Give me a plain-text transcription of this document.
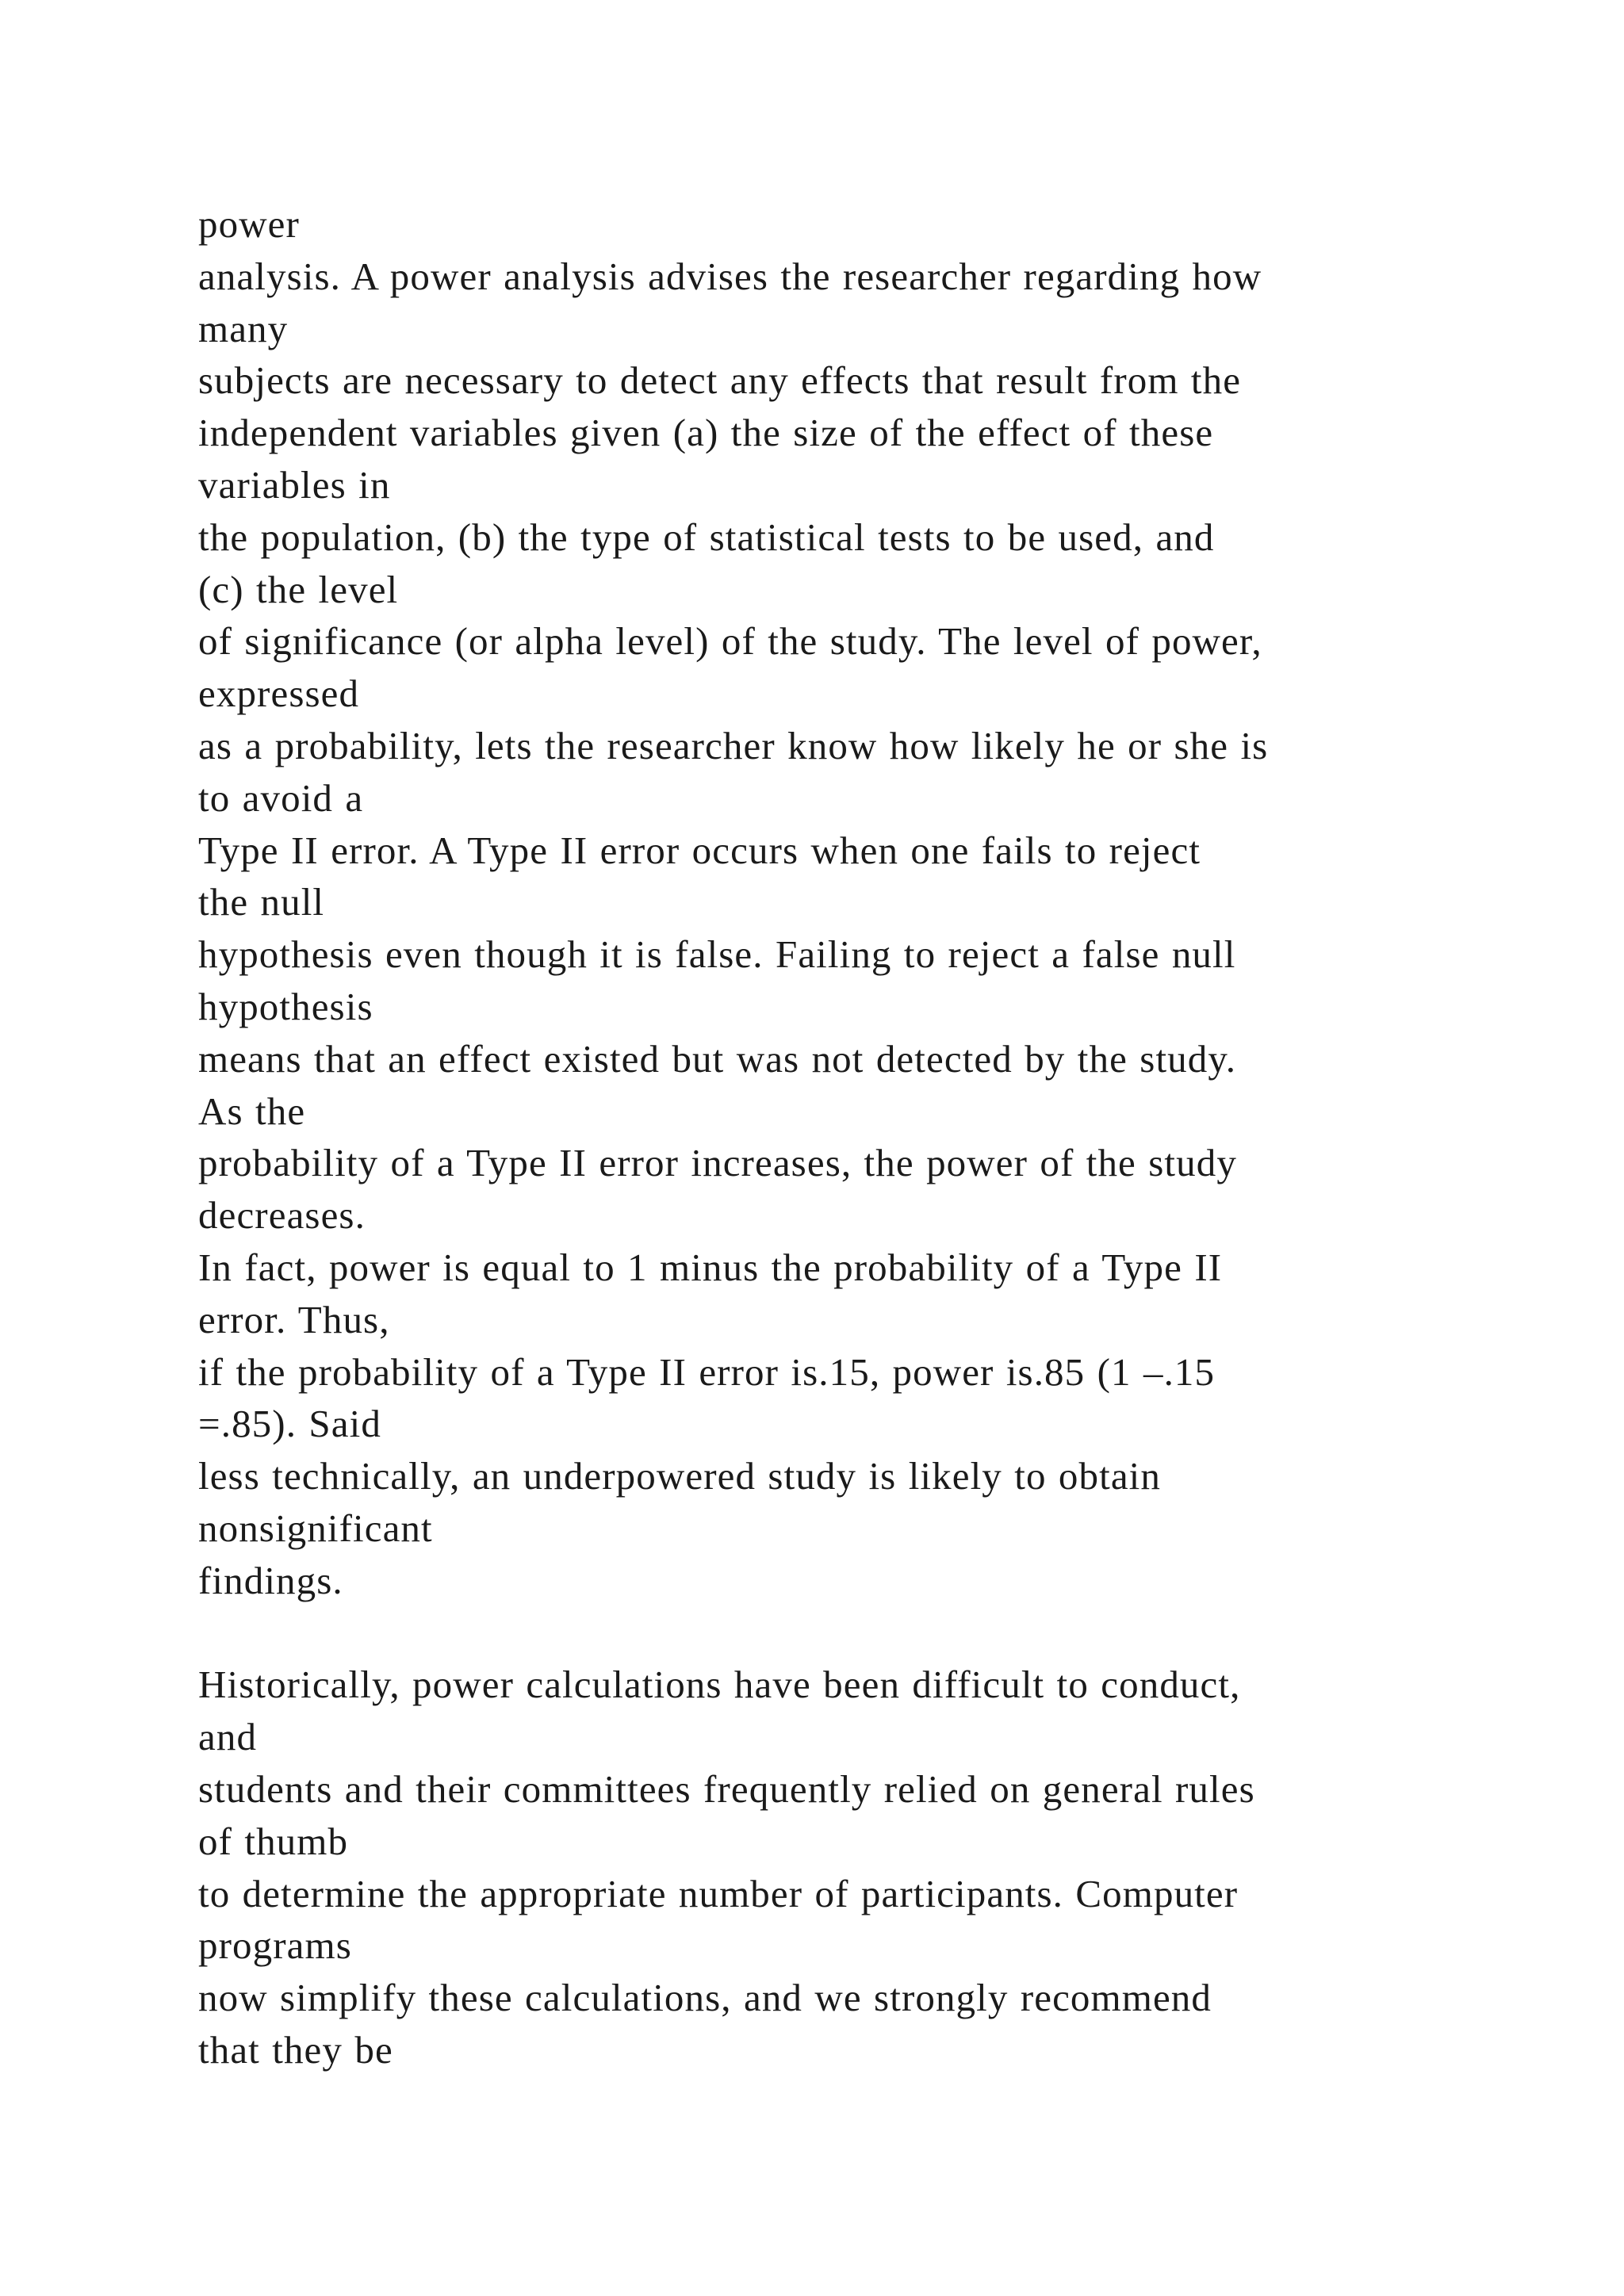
power
analysis. A power analysis advises the researcher regarding how
many
subjects are necessary to detect any effects that result from the
independent variables given (a) the size of the effect of these
variables in
the population, (b) the type of statistical tests to be used, and
(c) the level
of significance (or alpha level) of the study. The level of power,
expressed
as a probability, lets the researcher know how likely he or she is
to avoid a
Type II error. A Type II error occurs when one fails to reject
the null
hypothesis even though it is false. Failing to reject a false null
hypothesis
means that an effect existed but was not detected by the study.
As the
probability of a Type II error increases, the power of the study
decreases.
In fact, power is equal to 1 minus the probability of a Type II
error. Thus,
if the probability of a Type II error is.15, power is.85 (1 –.15
=.85). Said
less technically, an underpowered study is likely to obtain
nonsignificant
findings.
Historically, power calculations have been difficult to conduct,
and
students and their committees frequently relied on general rules
of thumb
to determine the appropriate number of participants. Computer
programs
now simplify these calculations, and we strongly recommend
that they be
